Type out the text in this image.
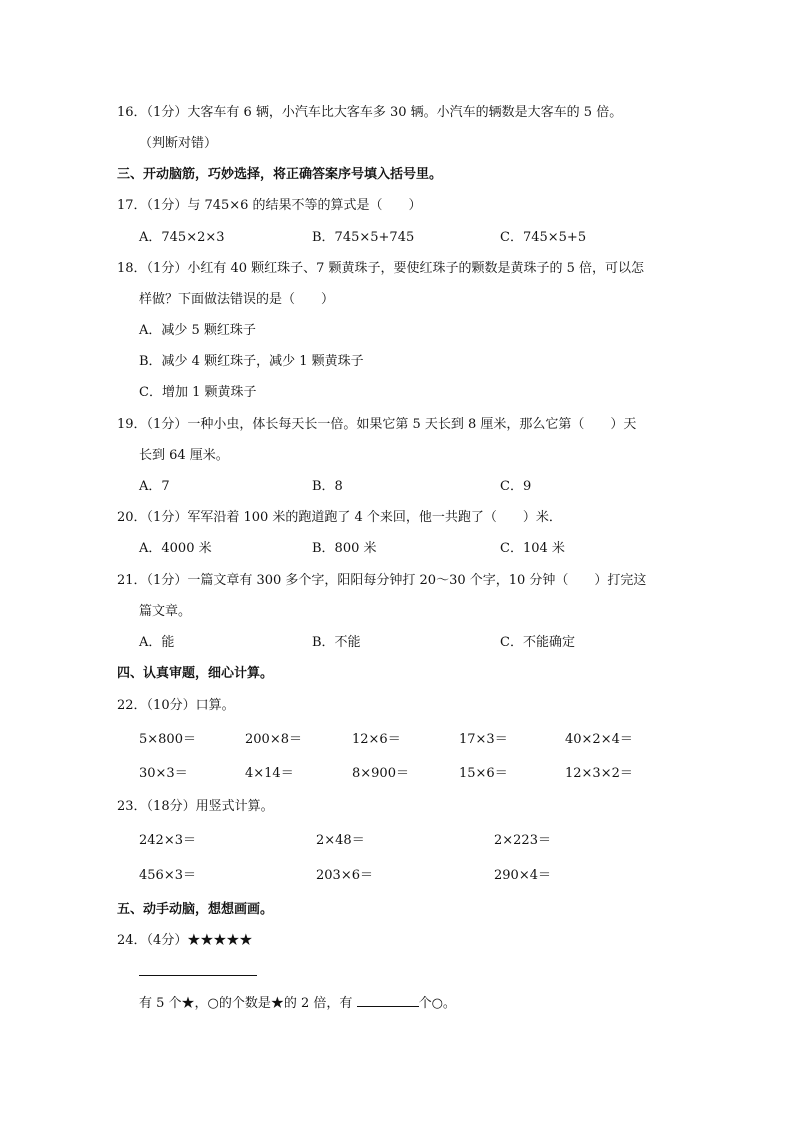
16．（1分）大客车有 6 辆，小汽车比大客车多 30 辆。小汽车的辆数是大客车的 5 倍。
（判断对错）
三、开动脑筋，巧妙选择，将正确答案序号填入括号里。
17．（1分）与 745×6 的结果不等的算式是（　　）
A．745×2×3	B．745×5+745	C．745×5+5
18．（1分）小红有 40 颗红珠子、7 颗黄珠子，要使红珠子的颗数是黄珠子的 5 倍，可以怎
样做？下面做法错误的是（　　）
A．减少 5 颗红珠子
B．减少 4 颗红珠子，减少 1 颗黄珠子
C．增加 1 颗黄珠子
19．（1分）一种小虫，体长每天长一倍。如果它第 5 天长到 8 厘米，那么它第（　　）天
长到 64 厘米。
A．7	B．8	C．9
20．（1分）军军沿着 100 米的跑道跑了 4 个来回，他一共跑了（　　）米．
A．4000 米	B．800 米	C．104 米
21．（1分）一篇文章有 300 多个字，阳阳每分钟打 20～30 个字，10 分钟（　　）打完这
篇文章。
A．能	B．不能	C．不能确定
四、认真审题，细心计算。
22．（10分）口算。
5×800＝	200×8＝	12×6＝	17×3＝	40×2×4＝
30×3＝	4×14＝	8×900＝	15×6＝	12×3×2＝
23．（18分）用竖式计算。
242×3＝	2×48＝	2×223＝
456×3＝	203×6＝	290×4＝
五、动手动脑，想想画画。
24．（4分）★★★★★
有 5 个★，○的个数是★的 2 倍，有	个○。
